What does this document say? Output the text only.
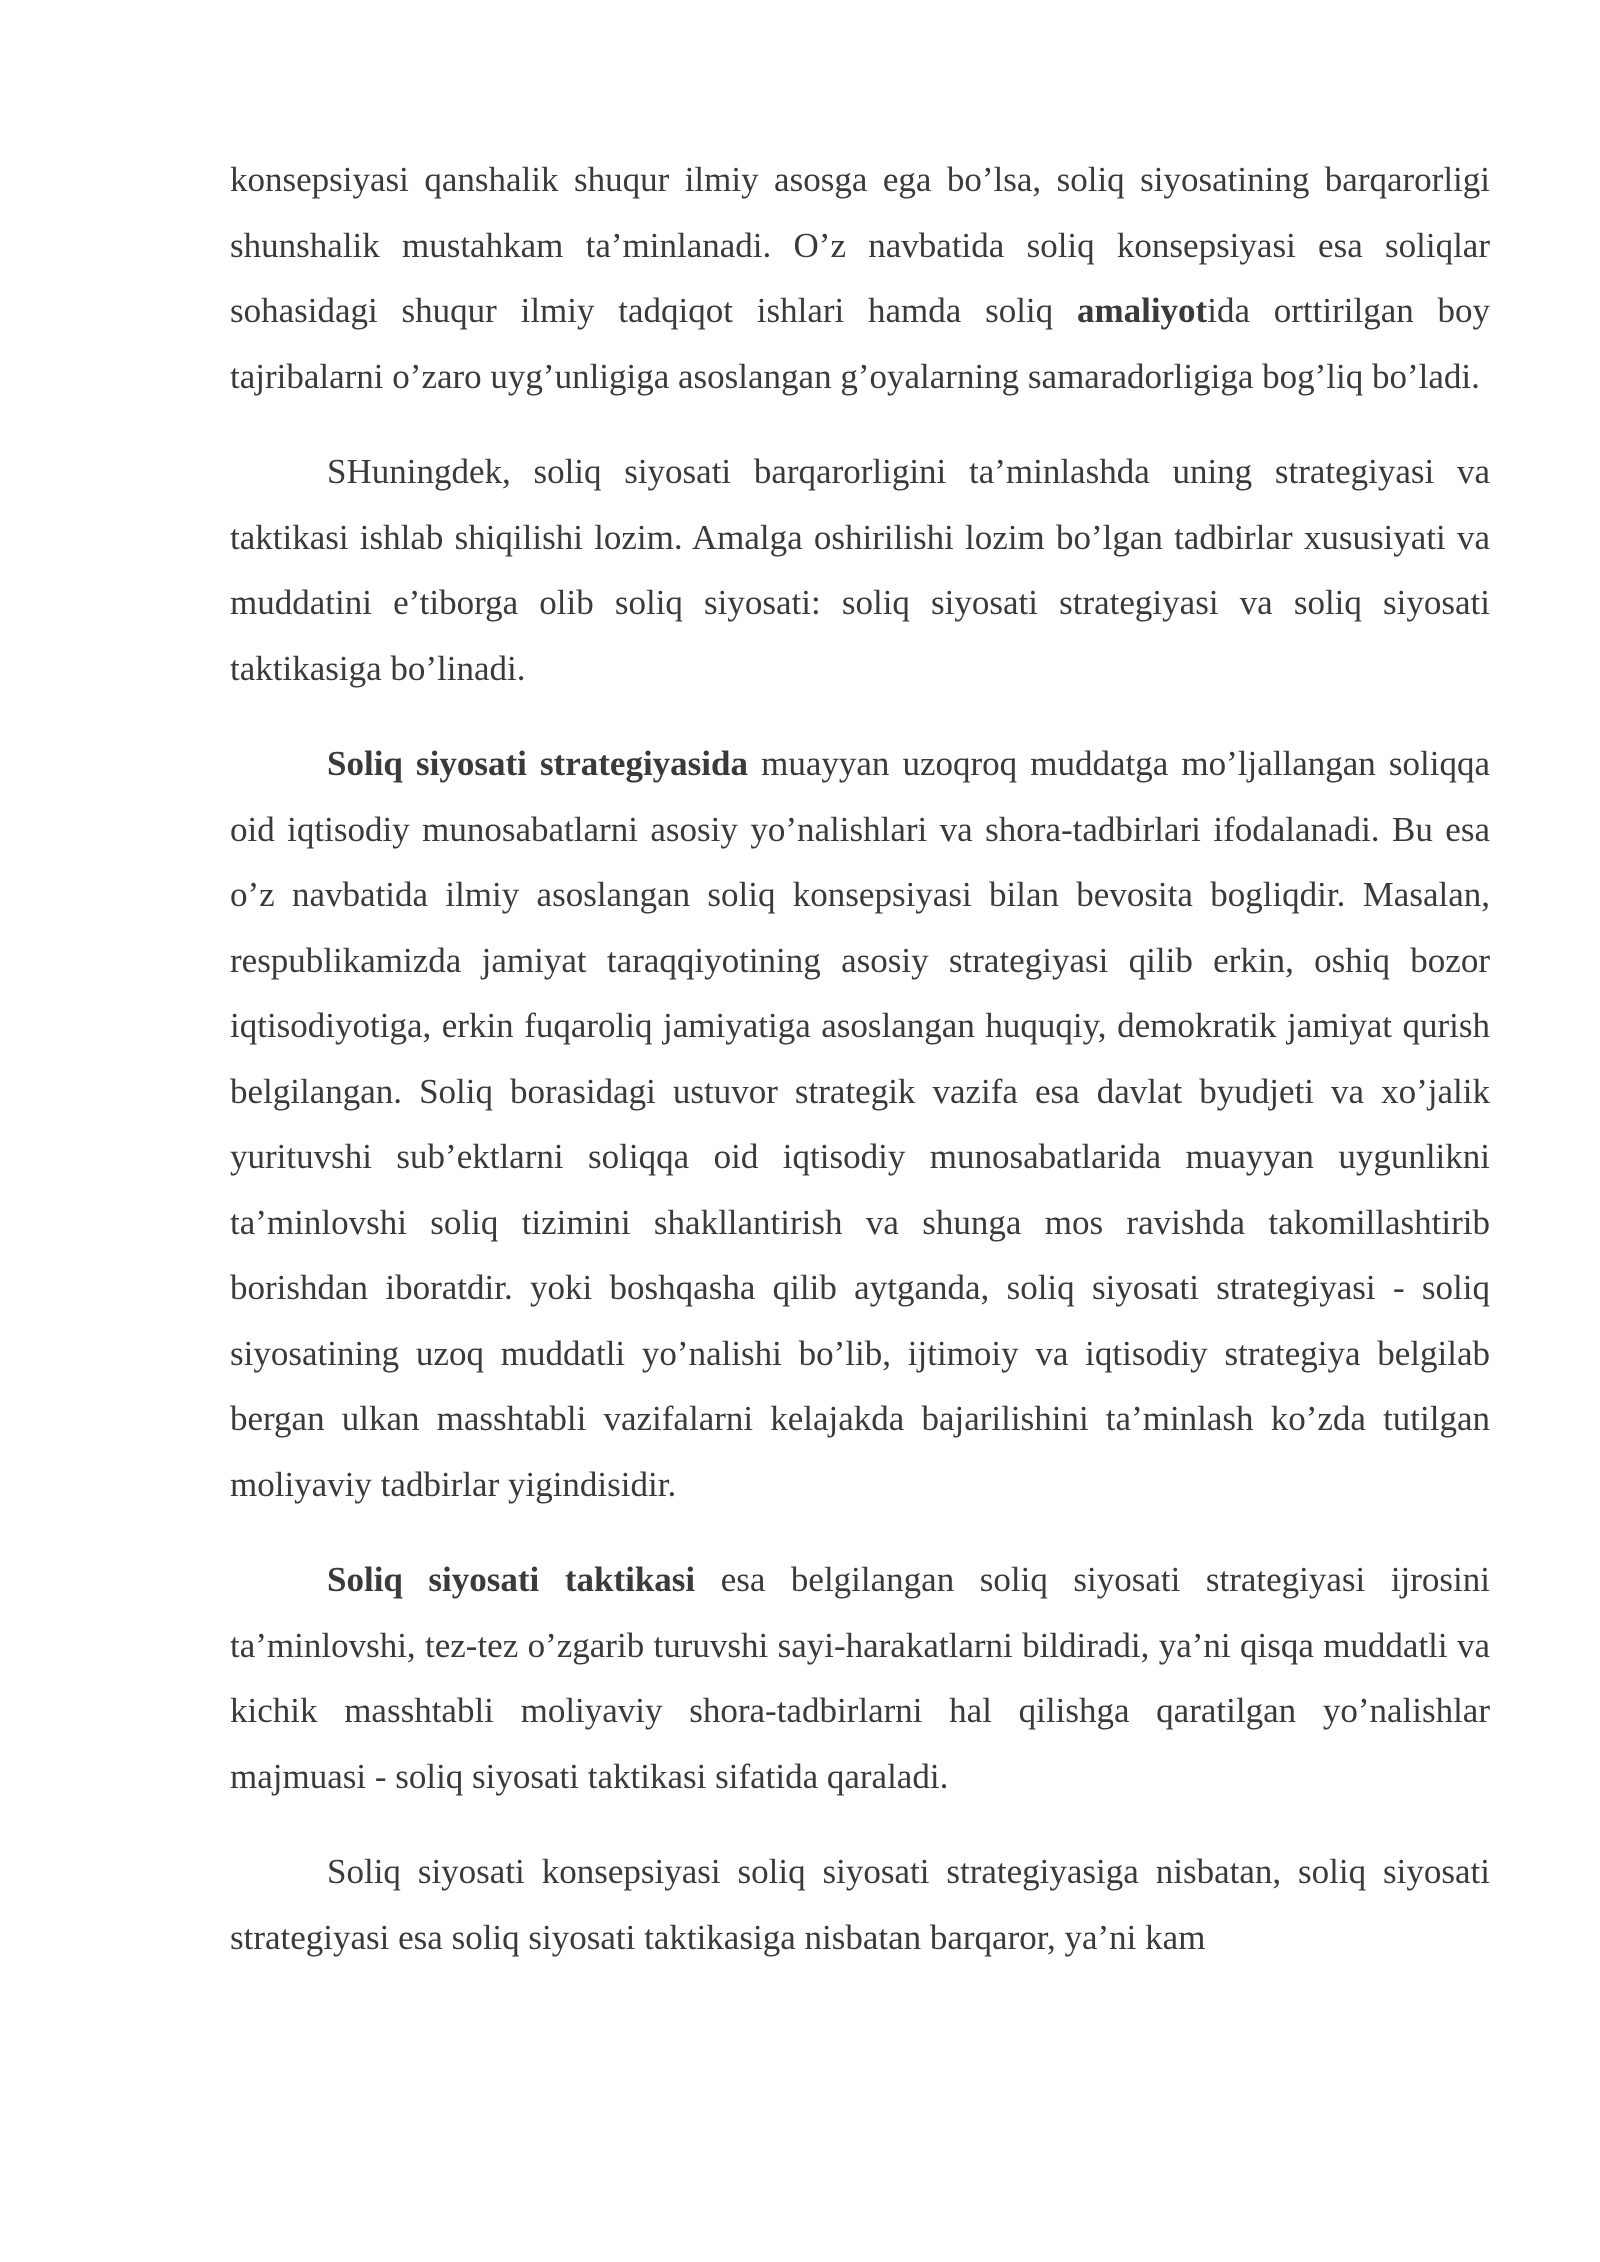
konsepsiyasi qanshalik shuqur ilmiy asosga ega bo’lsa, soliq siyosatining barqarorligi shunshalik mustahkam ta’minlanadi. O’z navbatida soliq konsepsiyasi esa soliqlar sohasidagi shuqur ilmiy tadqiqot ishlari hamda soliq amaliyotida orttirilgan boy tajribalarni o’zaro uyg’unligiga asoslangan g’oyalarning samaradorligiga bog’liq bo’ladi.

SHuningdek, soliq siyosati barqarorligini ta’minlashda uning strategiyasi va taktikasi ishlab shiqilishi lozim. Amalga oshirilishi lozim bo’lgan tadbirlar xususiyati va muddatini e’tiborga olib soliq siyosati: soliq siyosati strategiyasi va soliq siyosati taktikasiga bo’linadi.

Soliq siyosati strategiyasida muayyan uzoqroq muddatga mo’ljallangan soliqqa oid iqtisodiy munosabatlarni asosiy yo’nalishlari va shora-tadbirlari ifodalanadi. Bu esa o’z navbatida ilmiy asoslangan soliq konsepsiyasi bilan bevosita bogliqdir. Masalan, respublikamizda jamiyat taraqqiyotining asosiy strategiyasi qilib erkin, oshiq bozor iqtisodiyotiga, erkin fuqaroliq jamiyatiga asoslangan huquqiy, demokratik jamiyat qurish belgilangan. Soliq borasidagi ustuvor strategik vazifa esa davlat byudjeti va xo’jalik yurituvshi sub’ektlarni soliqqa oid iqtisodiy munosabatlarida muayyan uygunlikni ta’minlovshi soliq tizimini shakllantirish va shunga mos ravishda takomillashtirib borishdan iboratdir. yoki boshqasha qilib aytganda, soliq siyosati strategiyasi - soliq siyosatining uzoq muddatli yo’nalishi bo’lib, ijtimoiy va iqtisodiy strategiya belgilab bergan ulkan masshtabli vazifalarni kelajakda bajarilishini ta’minlash ko’zda tutilgan moliyaviy tadbirlar yigindisidir.

Soliq siyosati taktikasi esa belgilangan soliq siyosati strategiyasi ijrosini ta’minlovshi, tez-tez o’zgarib turuvshi sayi-harakatlarni bildiradi, ya’ni qisqa muddatli va kichik masshtabli moliyaviy shora-tadbirlarni hal qilishga qaratilgan yo’nalishlar majmuasi - soliq siyosati taktikasi sifatida qaraladi.

Soliq siyosati konsepsiyasi soliq siyosati strategiyasiga nisbatan, soliq siyosati strategiyasi esa soliq siyosati taktikasiga nisbatan barqaror, ya’ni kam
